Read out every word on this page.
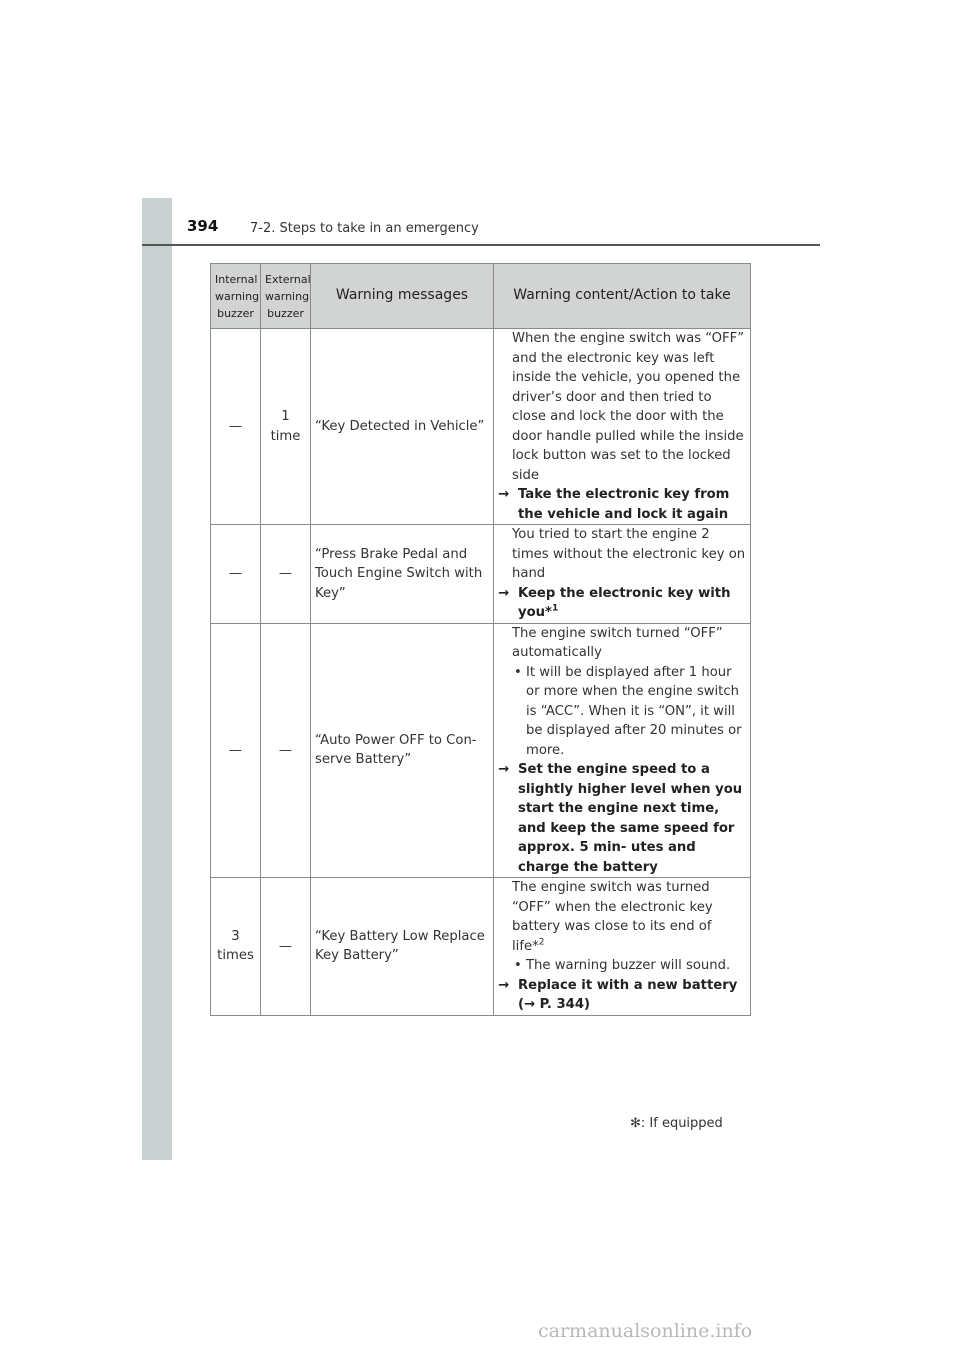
394 7-2. Steps to take in an emergency
Internal warning buzzer	External warning buzzer	Warning messages	Warning content/Action to take
—	1 time	“Key Detected in Vehicle”	When the engine switch was “OFF” and the electronic key was left inside the vehicle, you opened the driver’s door and then tried to close and lock the door with the door handle pulled while the inside lock button was set to the locked side
→ Take the electronic key from the vehicle and lock it again

—	—	“Press Brake Pedal and Touch Engine Switch with Key”	You tried to start the engine 2 times without the electronic key on hand
→ Keep the electronic key with you*$^1$

—	—	“Auto Power OFF to Con- serve Battery”	The engine switch turned “OFF” automatically
• It will be displayed after 1 hour or more when the engine switch is “ACC”. When it is “ON”, it will be displayed after 20 minutes or more.
→ Set the engine speed to a slightly higher level when you start the engine next time, and keep the same speed for approx. 5 min- utes and charge the battery

3 times	—	“Key Battery Low Replace Key Battery”	The engine switch was turned “OFF” when the electronic key battery was close to its end of life*$^2$
• The warning buzzer will sound.
→ Replace it with a new battery (→ P. 344)
✻: If equipped
carmanualsonline.info
